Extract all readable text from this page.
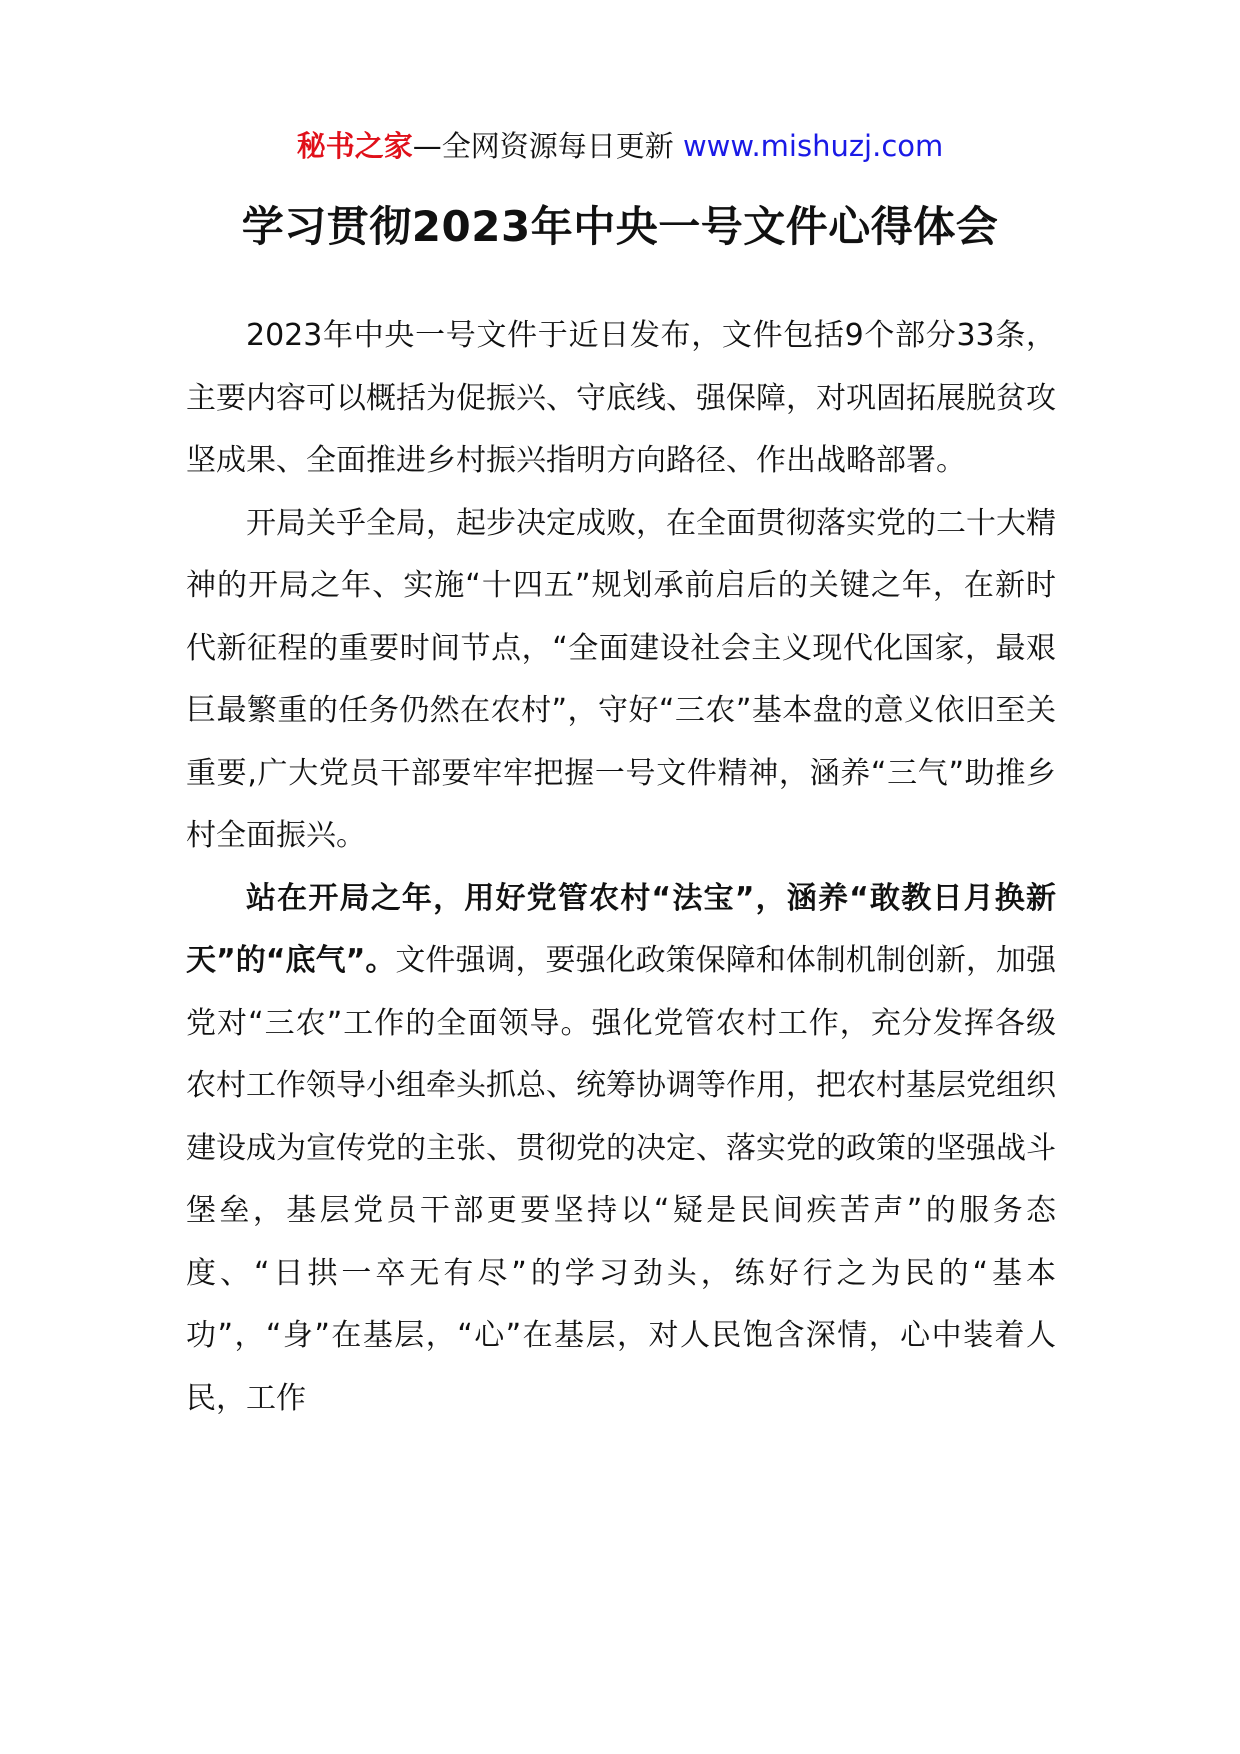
秘书之家—全网资源每日更新 www.mishuzj.com
学习贯彻2023年中央一号文件心得体会

2023年中央一号文件于近日发布，文件包括9个部分33条，主要内容可以概括为促振兴、守底线、强保障，对巩固拓展脱贫攻坚成果、全面推进乡村振兴指明方向路径、作出战略部署。

开局关乎全局，起步决定成败，在全面贯彻落实党的二十大精神的开局之年、实施“十四五”规划承前启后的关键之年，在新时代新征程的重要时间节点，“全面建设社会主义现代化国家，最艰巨最繁重的任务仍然在农村”，守好“三农”基本盘的意义依旧至关重要,广大党员干部要牢牢把握一号文件精神，涵养“三气”助推乡村全面振兴。

站在开局之年，用好党管农村“法宝”，涵养“敢教日月换新天”的“底气”。文件强调，要强化政策保障和体制机制创新，加强党对“三农”工作的全面领导。强化党管农村工作，充分发挥各级农村工作领导小组牵头抓总、统筹协调等作用，把农村基层党组织建设成为宣传党的主张、贯彻党的决定、落实党的政策的坚强战斗堡垒，基层党员干部更要坚持以“疑是民间疾苦声”的服务态度、“日拱一卒无有尽”的学习劲头，练好行之为民的“基本功”，“身”在基层，“心”在基层，对人民饱含深情，心中装着人民，工作
